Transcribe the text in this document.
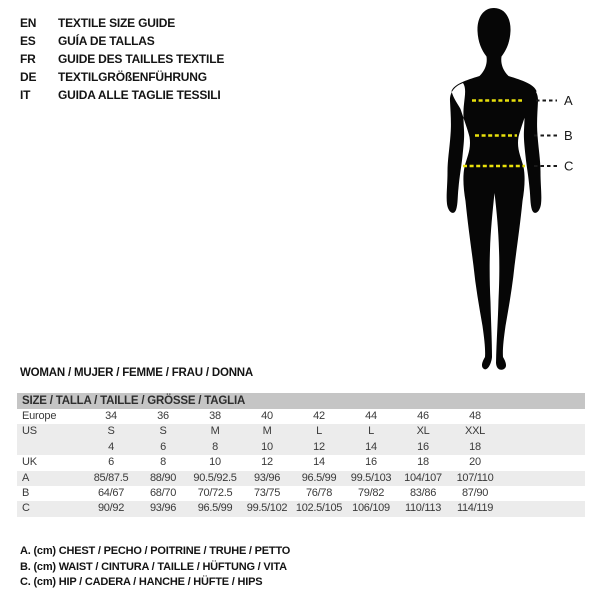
EN	TEXTILE SIZE GUIDE
ES	GUÍA DE TALLAS
FR	GUIDE DES TAILLES TEXTILE
DE	TEXTILGRÖßENFÜHRUNG
IT	GUIDA ALLE TAGLIE TESSILI	A
B
C
WOMAN / MUJER / FEMME / FRAU / DONNA
SIZE / TALLA / TAILLE / GRÖSSE / TAGLIA
Europe	34	36	38	40	42	44	46	48
US	S	S	M	M	L	L	XL	XXL
4	6	8	10	12	14	16	18
UK	6	8	10	12	14	16	18	20
A	85/87.5	88/90	90.5/92.5	93/96	96.5/99	99.5/103	104/107	107/110
B	64/67	68/70	70/72.5	73/75	76/78	79/82	83/86	87/90
C	90/92	93/96	96.5/99	99.5/102 102.5/105 106/109	110/113	114/119
A. (cm) CHEST / PECHO / POITRINE / TRUHE / PETTO
B. (cm) WAIST / CINTURA / TAILLE / HÜFTUNG / VITA
C. (cm) HIP / CADERA / HANCHE / HÜFTE / HIPS
